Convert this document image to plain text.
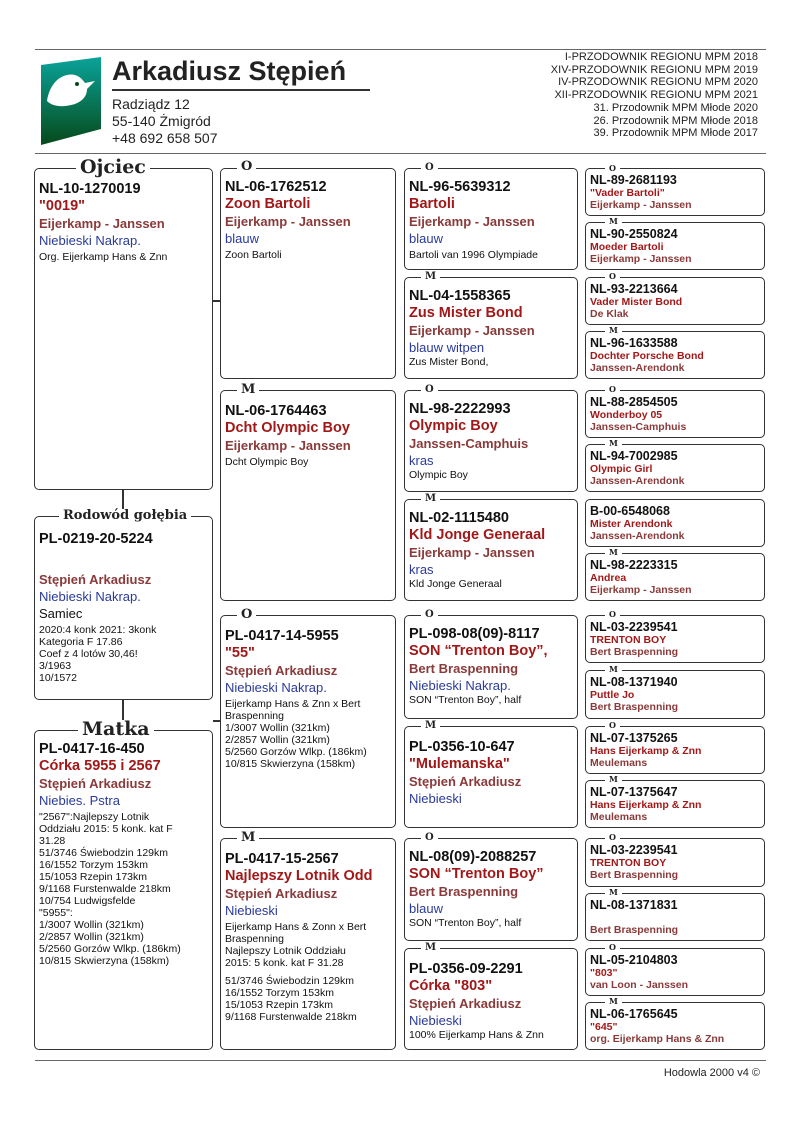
Arkadiusz Stępień
Radziądz 12
55-140 Żmigród
+48 692 658 507
I-PRZODOWNIK REGIONU MPM 2018
XIV-PRZODOWNIK REGIONU MPM 2019
IV-PRZODOWNIK REGIONU MPM 2020
XII-PRZODOWNIK REGIONU MPM 2021
31. Przodownik MPM Młode 2020
26. Przodownik MPM Młode 2018
39. Przodownik MPM Młode 2017
NL-10-1270019
"0019"
Eijerkamp - Janssen
Niebieski Nakrap.
Org. Eijerkamp Hans & Znn
Ojciec
PL-0219-20-5224
Stępień Arkadiusz
Niebieski Nakrap.
Samiec
2020:4 konk 2021: 3konk
Kategoria F 17.86
Coef z 4 lotów 30,46!
3/1963
10/1572
Rodowód gołębia
PL-0417-16-450
Córka 5955 i 2567
Stępień Arkadiusz
Niebies. Pstra
"2567":Najlepszy Lotnik
Oddziału 2015: 5 konk. kat F
31.28
51/3746 Świebodzin 129km
16/1552 Torzym 153km
15/1053 Rzepin 173km
9/1168 Furstenwalde 218km
10/754 Ludwigsfelde
"5955":
1/3007 Wollin (321km)
2/2857 Wollin (321km)
5/2560 Gorzów Wlkp. (186km)
10/815 Skwierzyna (158km)
Matka
NL-06-1762512
Zoon Bartoli
Eijerkamp - Janssen
blauw
Zoon Bartoli
O
NL-06-1764463
Dcht Olympic Boy
Eijerkamp - Janssen
Dcht Olympic Boy
M
PL-0417-14-5955
"55"
Stępień Arkadiusz
Niebieski Nakrap.
Eijerkamp Hans & Znn x Bert
Braspenning
1/3007 Wollin (321km)
2/2857 Wollin (321km)
5/2560 Gorzów Wlkp. (186km)
10/815 Skwierzyna (158km)
O
PL-0417-15-2567
Najlepszy Lotnik Odd
Stępień Arkadiusz
Niebieski
Eijerkamp Hans & Zonn x Bert
Braspenning
Najlepszy Lotnik Oddziału
2015: 5 konk. kat F 31.28
51/3746 Świebodzin 129km
16/1552 Torzym 153km
15/1053 Rzepin 173km
9/1168 Furstenwalde 218km
M
NL-96-5639312
Bartoli
Eijerkamp - Janssen
blauw
Bartoli van 1996 Olympiade
O
NL-04-1558365
Zus Mister Bond
Eijerkamp - Janssen
blauw witpen
Zus Mister Bond,
M
NL-98-2222993
Olympic Boy
Janssen-Camphuis
kras
Olympic Boy
O
NL-02-1115480
Kld Jonge Generaal
Eijerkamp - Janssen
kras
Kld Jonge Generaal
M
PL-098-08(09)-8117
SON “Trenton Boy”,
Bert Braspenning
Niebieski Nakrap.
SON “Trenton Boy”, half
O
PL-0356-10-647
"Mulemanska"
Stępień Arkadiusz
Niebieski
M
NL-08(09)-2088257
SON “Trenton Boy”
Bert Braspenning
blauw
SON “Trenton Boy”, half
O
PL-0356-09-2291
Córka "803"
Stępień Arkadiusz
Niebieski
100% Eijerkamp Hans & Znn
M
NL-89-2681193
"Vader Bartoli"
Eijerkamp - Janssen
O
NL-90-2550824
Moeder Bartoli
Eijerkamp - Janssen
M
NL-93-2213664
Vader Mister Bond
De Klak
O
NL-96-1633588
Dochter Porsche Bond
Janssen-Arendonk
M
NL-88-2854505
Wonderboy 05
Janssen-Camphuis
O
NL-94-7002985
Olympic Girl
Janssen-Arendonk
M
B-00-6548068
Mister Arendonk
Janssen-Arendonk
NL-98-2223315
Andrea
Eijerkamp - Janssen
M
NL-03-2239541
TRENTON BOY
Bert Braspenning
O
NL-08-1371940
Puttle Jo
Bert Braspenning
M
NL-07-1375265
Hans Eijerkamp & Znn
Meulemans
O
NL-07-1375647
Hans Eijerkamp & Znn
Meulemans
M
NL-03-2239541
TRENTON BOY
Bert Braspenning
O
NL-08-1371831
Bert Braspenning
M
NL-05-2104803
"803"
van Loon - Janssen
O
NL-06-1765645
"645"
org. Eijerkamp Hans & Znn
M
Hodowla 2000 v4 ©
